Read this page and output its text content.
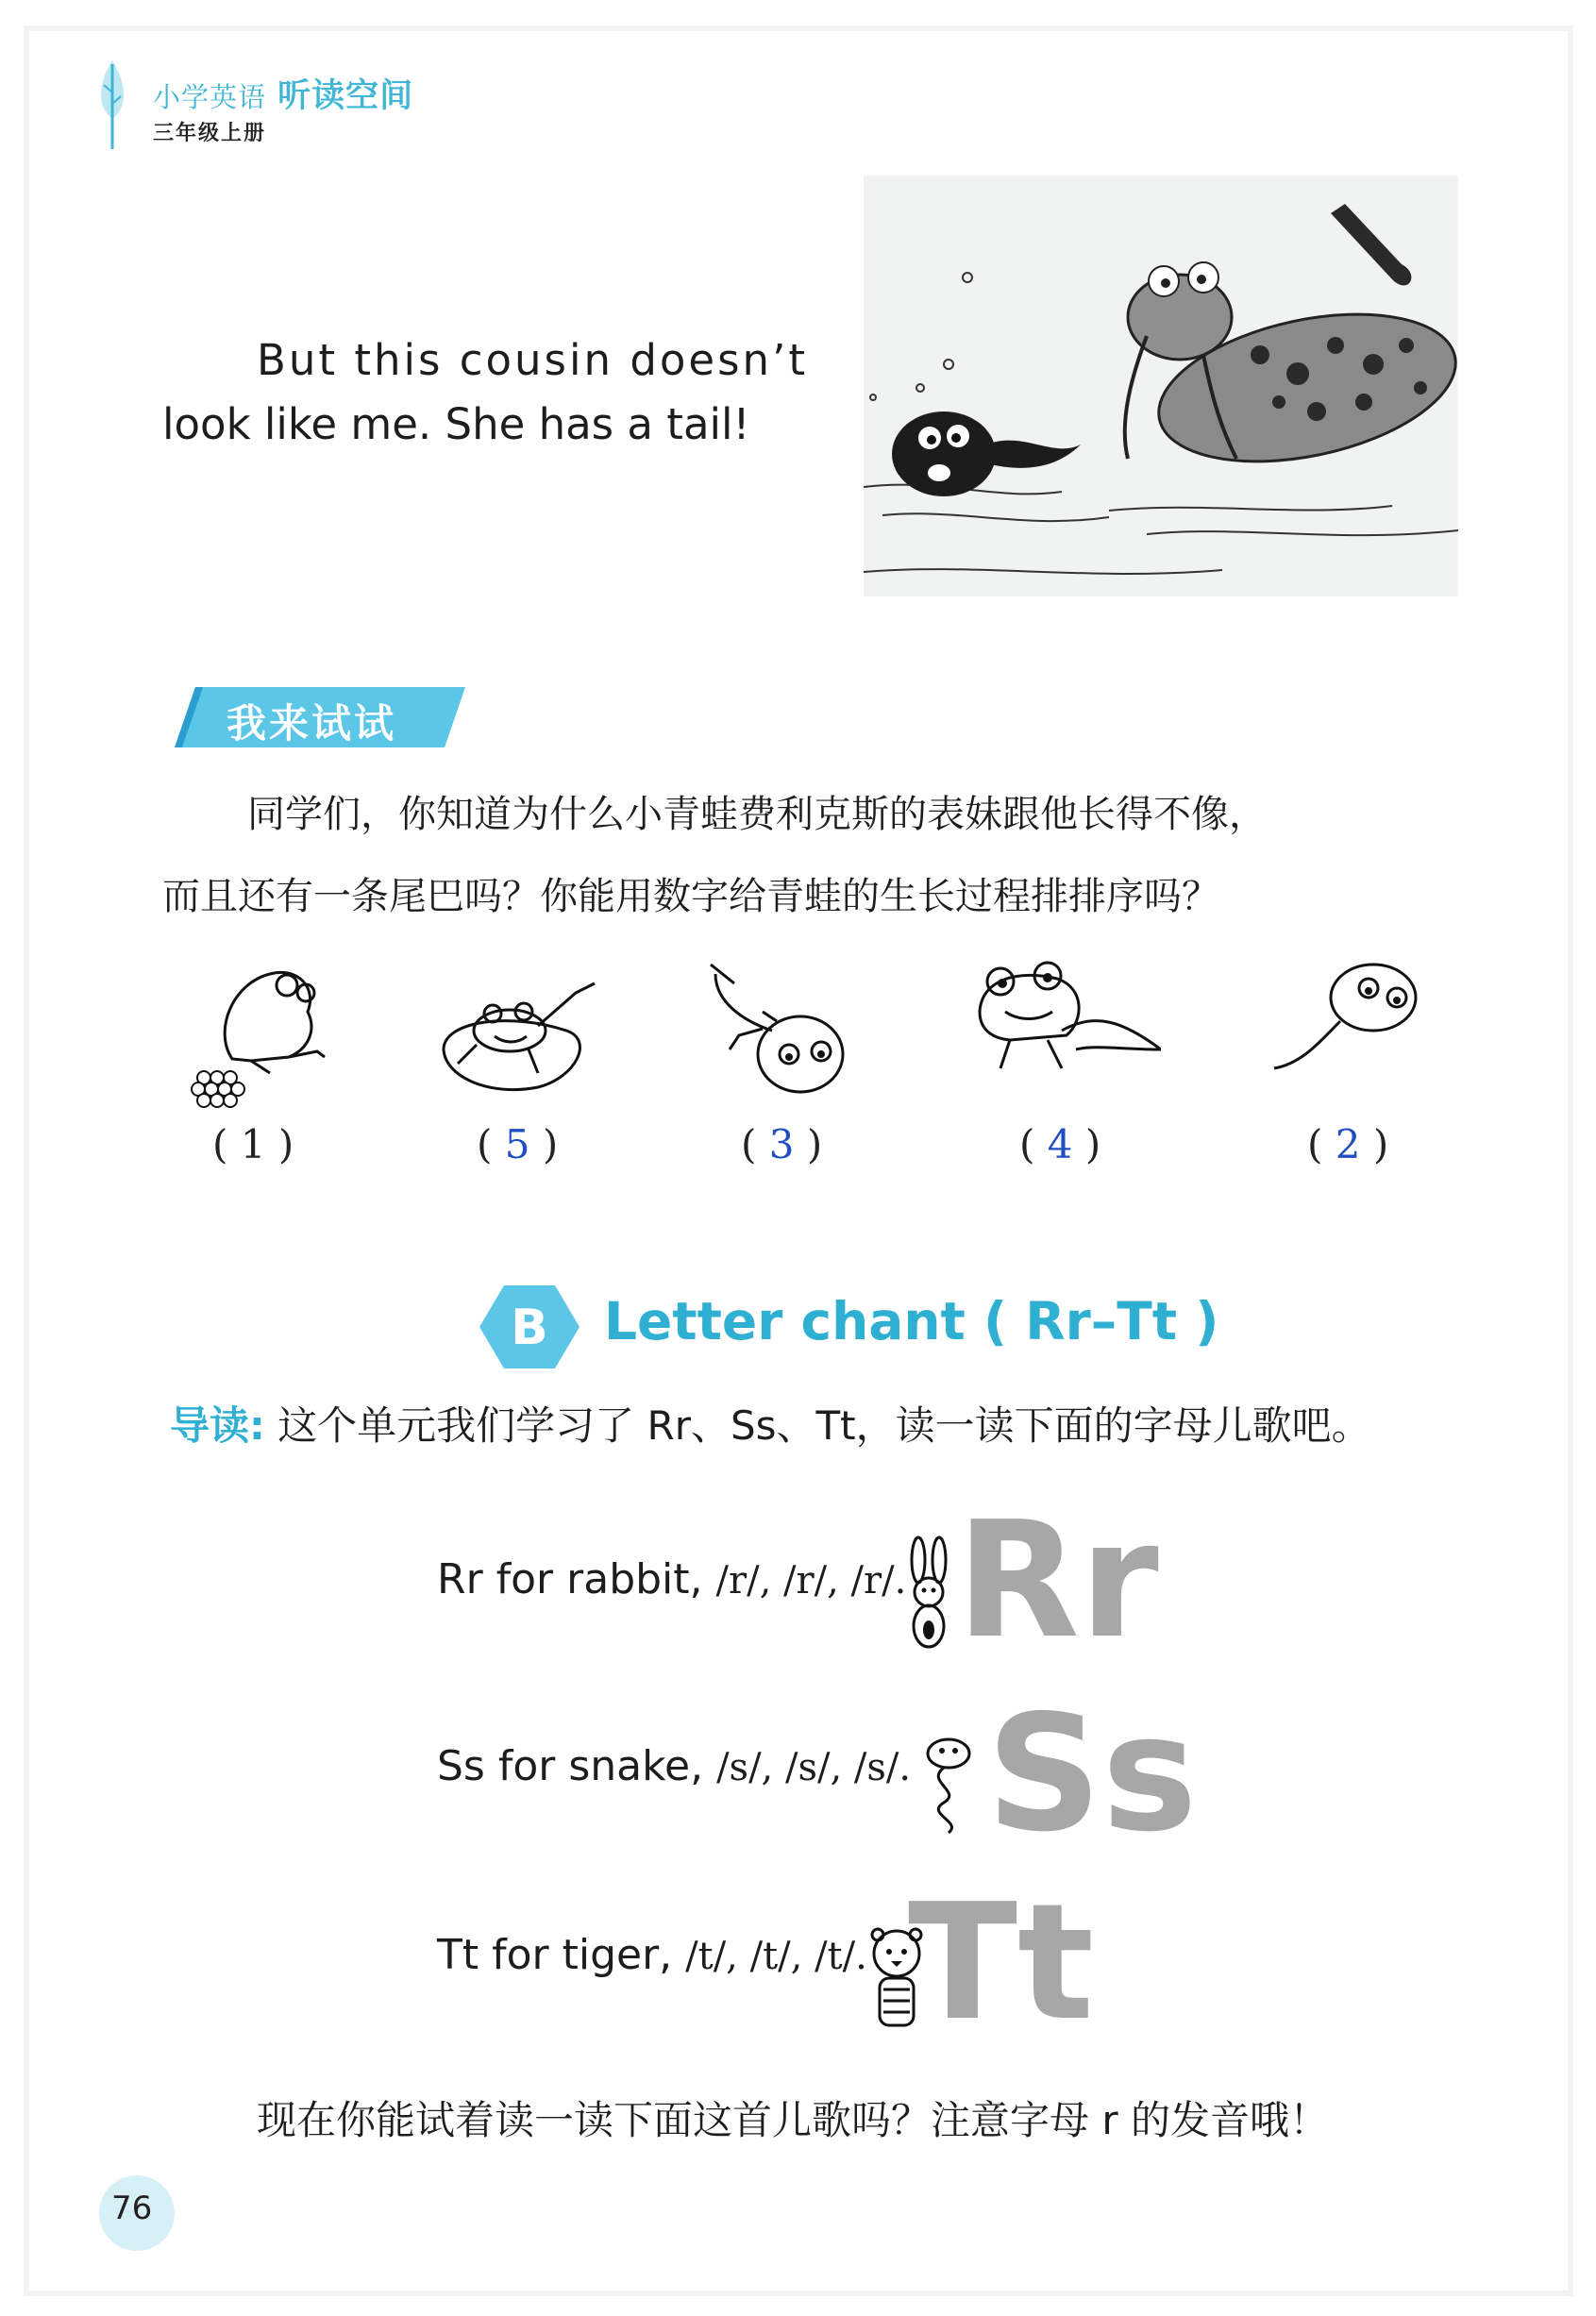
小学英语 听读空间
三年级上册

But this cousin doesn’t

look like me. She has a tail!

我来试试

同学们，你知道为什么小青蛙费利克斯的表妹跟他长得不像，

而且还有一条尾巴吗？你能用数字给青蛙的生长过程排排序吗？

( 1 )	( 5 )	( 3 )	( 4 )	( 2 )
B Letter chant ( Rr–Tt )
导读: 这个单元我们学习了 Rr、Ss、Tt，读一读下面的字母儿歌吧。
Rr for rabbit, /r/, /r/, /r/. Rr
Ss for snake, /s/, /s/, /s/. Ss
Tt for tiger, /t/, /t/, /t/. Tt
现在你能试着读一读下面这首儿歌吗？注意字母 r 的发音哦！
76
